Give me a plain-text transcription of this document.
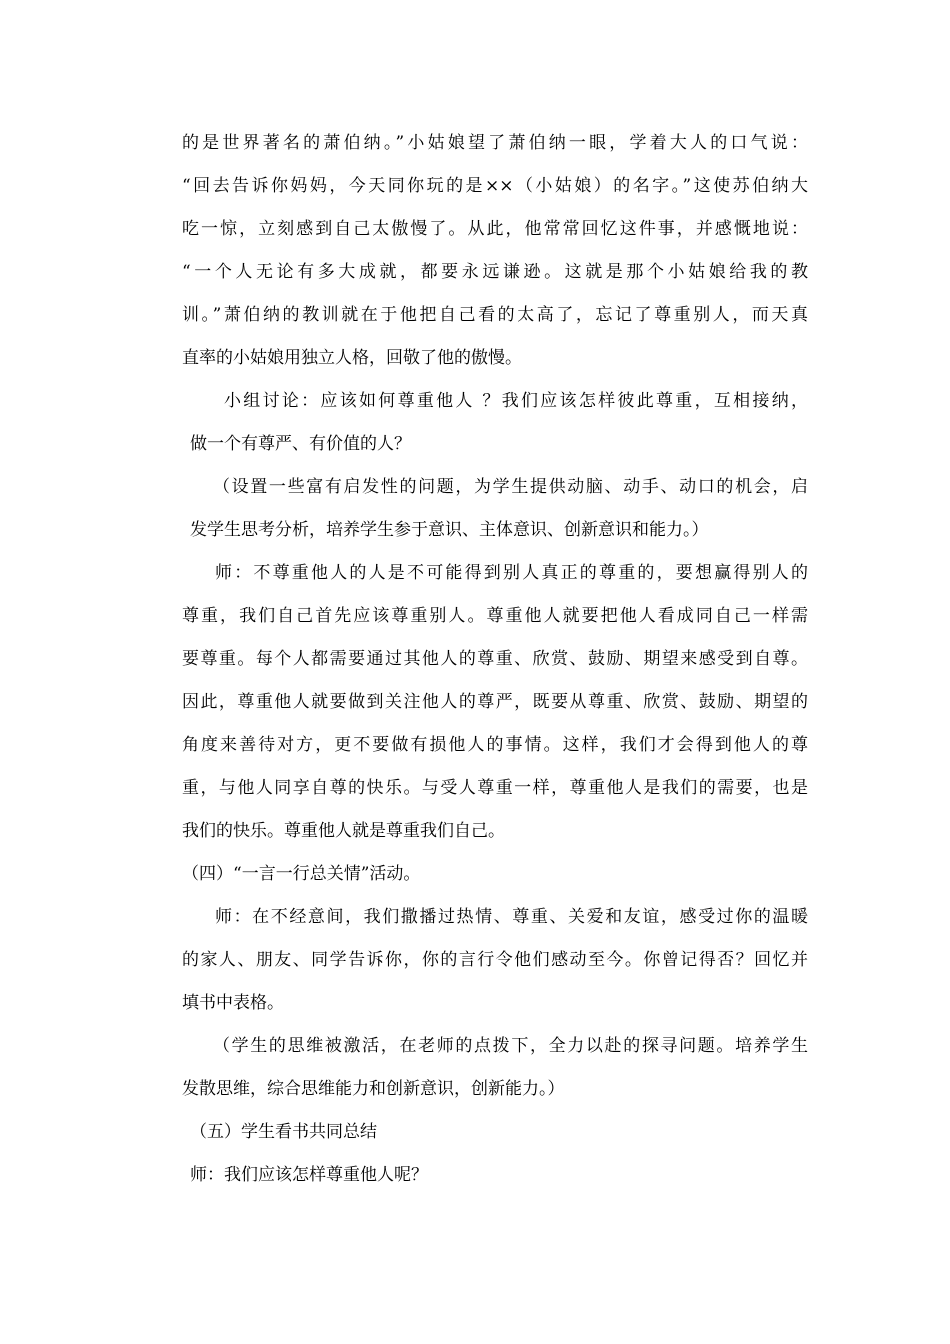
的是世界著名的萧伯纳。”小姑娘望了萧伯纳一眼，学着大人的口气说：
“回去告诉你妈妈，今天同你玩的是××（小姑娘）的名字。”这使苏伯纳大
吃一惊，立刻感到自己太傲慢了。从此，他常常回忆这件事，并感慨地说：
“一个人无论有多大成就，都要永远谦逊。这就是那个小姑娘给我的教
训。”萧伯纳的教训就在于他把自己看的太高了，忘记了尊重别人，而天真
直率的小姑娘用独立人格，回敬了他的傲慢。
小组讨论：应该如何尊重他人 ？我们应该怎样彼此尊重，互相接纳，
做一个有尊严、有价值的人？
（设置一些富有启发性的问题，为学生提供动脑、动手、动口的机会，启
发学生思考分析，培养学生参于意识、主体意识、创新意识和能力。）
师：不尊重他人的人是不可能得到别人真正的尊重的，要想赢得别人的
尊重，我们自己首先应该尊重别人。尊重他人就要把他人看成同自己一样需
要尊重。每个人都需要通过其他人的尊重、欣赏、鼓励、期望来感受到自尊。
因此，尊重他人就要做到关注他人的尊严，既要从尊重、欣赏、鼓励、期望的
角度来善待对方，更不要做有损他人的事情。这样，我们才会得到他人的尊
重，与他人同享自尊的快乐。与受人尊重一样，尊重他人是我们的需要，也是
我们的快乐。尊重他人就是尊重我们自己。
（四）“一言一行总关情”活动。
师：在不经意间，我们撒播过热情、尊重、关爱和友谊，感受过你的温暖
的家人、朋友、同学告诉你，你的言行令他们感动至今。你曾记得否？回忆并
填书中表格。
（学生的思维被激活，在老师的点拨下，全力以赴的探寻问题。培养学生
发散思维，综合思维能力和创新意识，创新能力。）
（五）学生看书共同总结
师：我们应该怎样尊重他人呢？
